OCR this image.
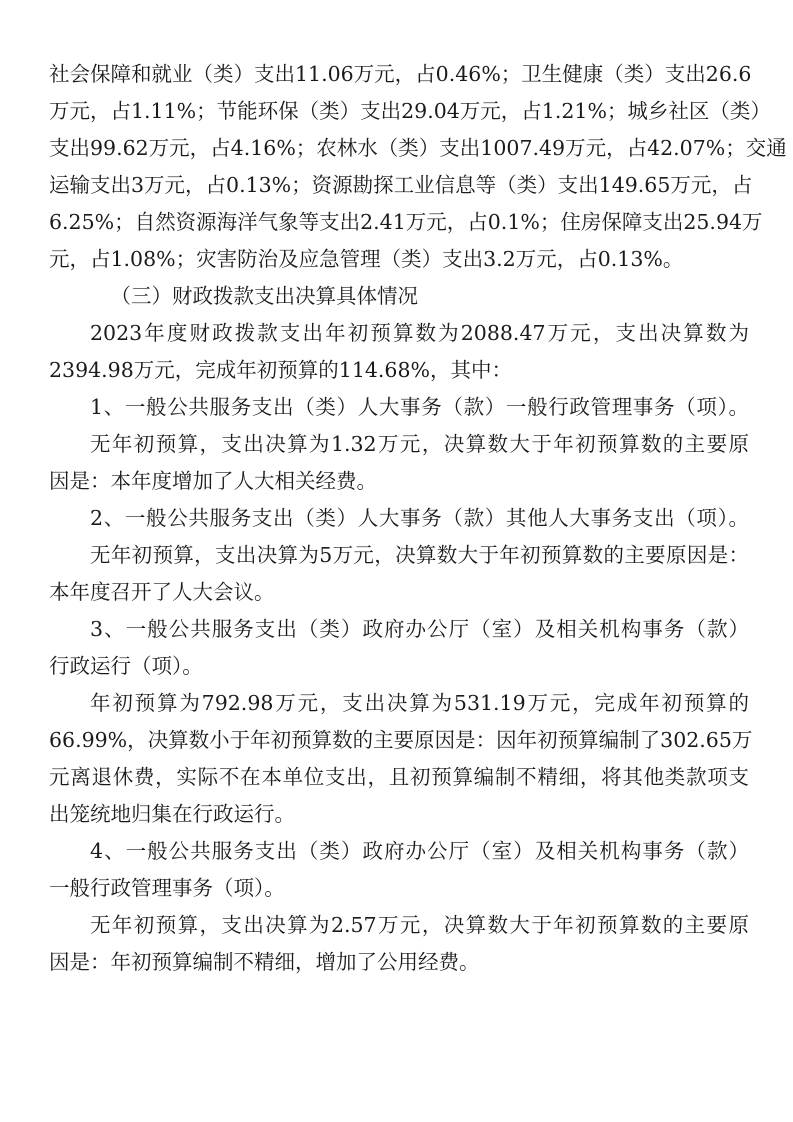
社会保障和就业（类）支出11.06万元，占0.46%；卫生健康（类）支出26.6
万元，占1.11%；节能环保（类）支出29.04万元，占1.21%；城乡社区（类）
支出99.62万元，占4.16%；农林水（类）支出1007.49万元，占42.07%；交通
运输支出3万元，占0.13%；资源勘探工业信息等（类）支出149.65万元，占
6.25%；自然资源海洋气象等支出2.41万元，占0.1%；住房保障支出25.94万
元，占1.08%；灾害防治及应急管理（类）支出3.2万元，占0.13%。
（三）财政拨款支出决算具体情况
2023年度财政拨款支出年初预算数为2088.47万元，支出决算数为
2394.98万元，完成年初预算的114.68%，其中：
1、一般公共服务支出（类）人大事务（款）一般行政管理事务（项）。
无年初预算，支出决算为1.32万元，决算数大于年初预算数的主要原
因是：本年度增加了人大相关经费。
2、一般公共服务支出（类）人大事务（款）其他人大事务支出（项）。
无年初预算，支出决算为5万元，决算数大于年初预算数的主要原因是：
本年度召开了人大会议。
3、一般公共服务支出（类）政府办公厅（室）及相关机构事务（款）
行政运行（项）。
年初预算为792.98万元，支出决算为531.19万元，完成年初预算的
66.99%，决算数小于年初预算数的主要原因是：因年初预算编制了302.65万
元离退休费，实际不在本单位支出，且初预算编制不精细，将其他类款项支
出笼统地归集在行政运行。
4、一般公共服务支出（类）政府办公厅（室）及相关机构事务（款）
一般行政管理事务（项）。
无年初预算，支出决算为2.57万元，决算数大于年初预算数的主要原
因是：年初预算编制不精细，增加了公用经费。
